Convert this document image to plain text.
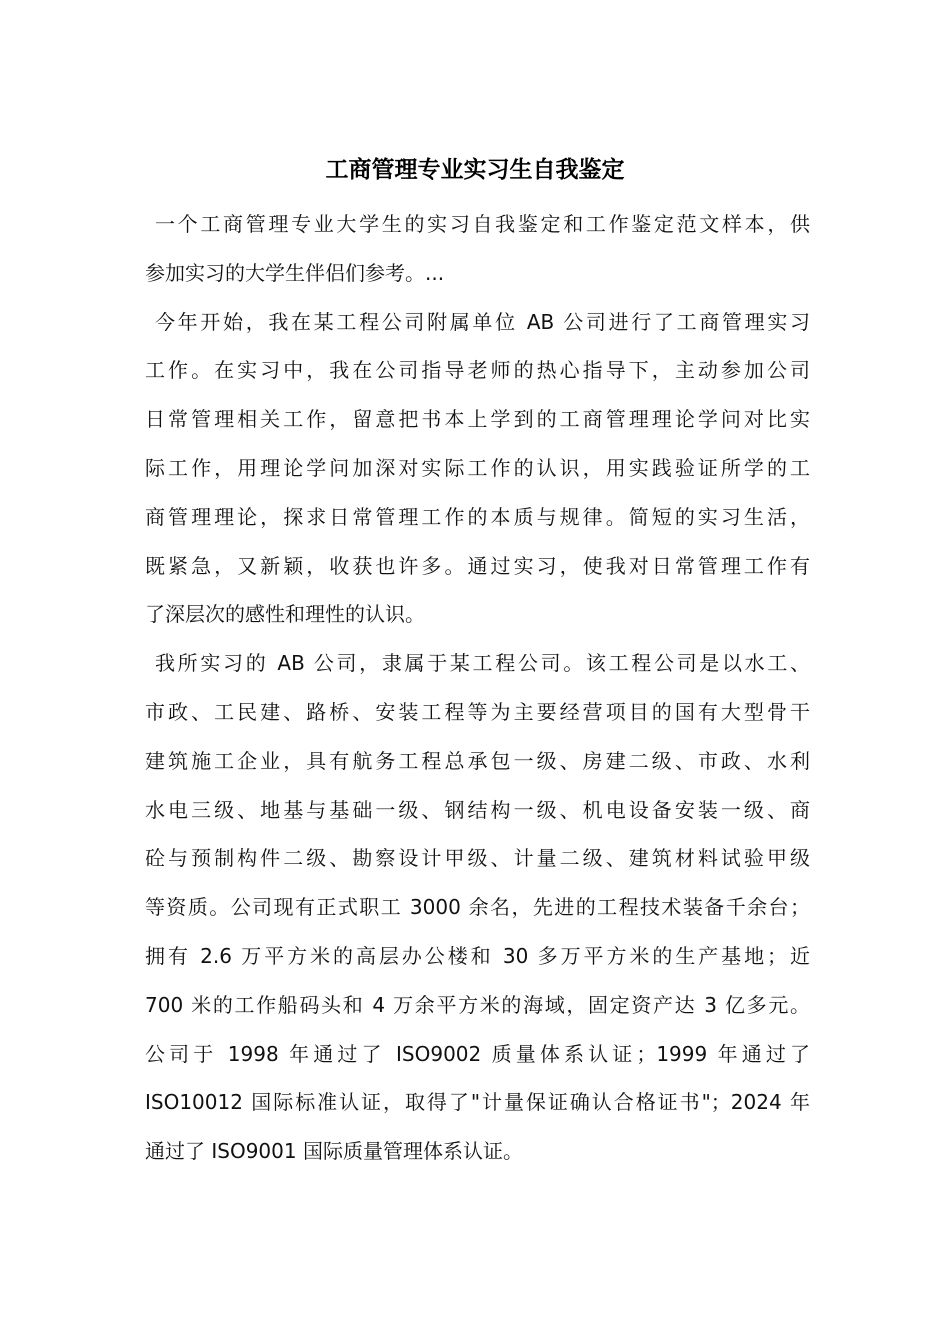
工商管理专业实习生自我鉴定

一个工商管理专业大学生的实习自我鉴定和工作鉴定范文样本，供
参加实习的大学生伴侣们参考。...

今年开始，我在某工程公司附属单位 AB 公司进行了工商管理实习
工作。在实习中，我在公司指导老师的热心指导下，主动参加公司
日常管理相关工作，留意把书本上学到的工商管理理论学问对比实
际工作，用理论学问加深对实际工作的认识，用实践验证所学的工
商管理理论，探求日常管理工作的本质与规律。简短的实习生活，
既紧急，又新颖，收获也许多。通过实习，使我对日常管理工作有
了深层次的感性和理性的认识。

我所实习的 AB 公司，隶属于某工程公司。该工程公司是以水工、
市政、工民建、路桥、安装工程等为主要经营项目的国有大型骨干
建筑施工企业，具有航务工程总承包一级、房建二级、市政、水利
水电三级、地基与基础一级、钢结构一级、机电设备安装一级、商
砼与预制构件二级、勘察设计甲级、计量二级、建筑材料试验甲级
等资质。公司现有正式职工 3000 余名，先进的工程技术装备千余台；
拥有 2.6 万平方米的高层办公楼和 30 多万平方米的生产基地；近
700 米的工作船码头和 4 万余平方米的海域，固定资产达 3 亿多元。
公司于 1998 年通过了 ISO9002 质量体系认证；1999 年通过了
ISO10012 国际标准认证，取得了"计量保证确认合格证书"；2024 年
通过了 ISO9001 国际质量管理体系认证。
